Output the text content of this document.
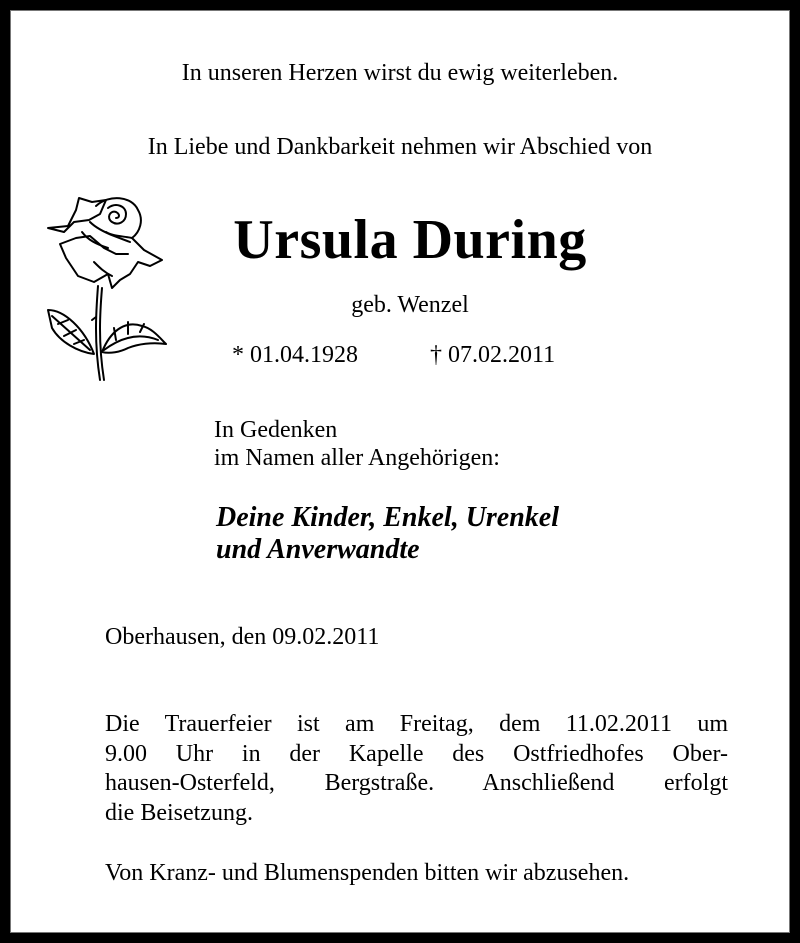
In unseren Herzen wirst du ewig weiterleben.
In Liebe und Dankbarkeit nehmen wir Abschied von
Ursula During
geb. Wenzel
* 01.04.1928	† 07.02.2011
In Gedenken
im Namen aller Angehörigen:
Deine Kinder, Enkel, Urenkel
und Anverwandte
Oberhausen, den 09.02.2011
Die Trauerfeier ist am Freitag, dem 11.02.2011 um
9.00 Uhr in der Kapelle des Ostfriedhofes Ober-
hausen-Osterfeld, Bergstraße. Anschließend erfolgt
die Beisetzung.
Von Kranz- und Blumenspenden bitten wir abzusehen.
